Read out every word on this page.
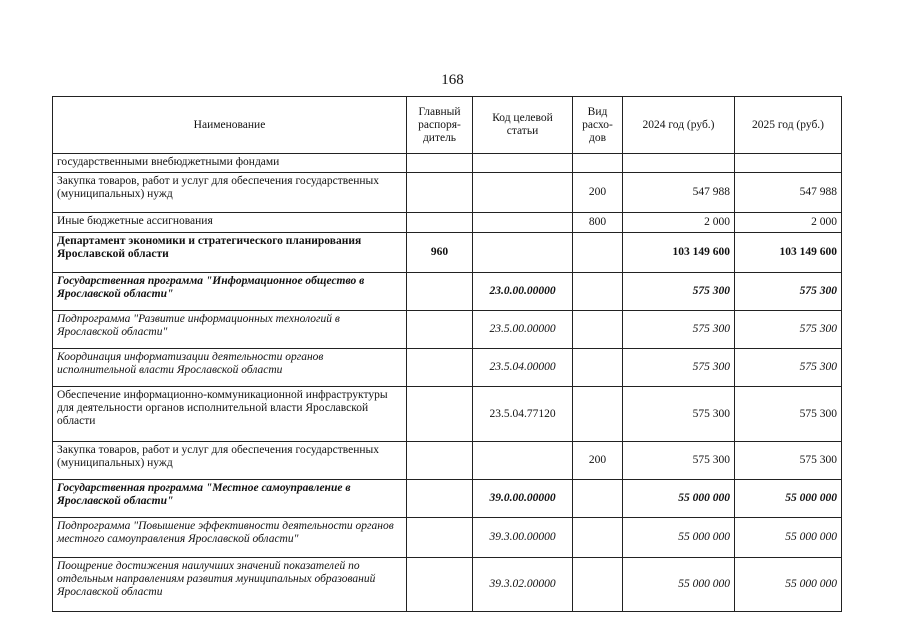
168
Наименование	Главный распоря-дитель	Код целевой статьи	Вид расхо-дов	2024 год (руб.)	2025 год (руб.)
государственными внебюджетными фондами					
Закупка товаров, работ и услуг для обеспечения государственных (муниципальных) нужд			200	547 988	547 988
Иные бюджетные ассигнования			800	2 000	2 000
Департамент экономики и стратегического планирования Ярославской области	960			103 149 600	103 149 600
Государственная программа "Информационное общество в Ярославской области"		23.0.00.00000		575 300	575 300
Подпрограмма "Развитие информационных технологий в Ярославской области"		23.5.00.00000		575 300	575 300
Координация информатизации деятельности органов исполнительной власти Ярославской области		23.5.04.00000		575 300	575 300
Обеспечение информационно-коммуникационной инфраструктуры для деятельности органов исполнительной власти Ярославской области		23.5.04.77120		575 300	575 300
Закупка товаров, работ и услуг для обеспечения государственных (муниципальных) нужд			200	575 300	575 300
Государственная программа "Местное самоуправление в Ярославской области"		39.0.00.00000		55 000 000	55 000 000
Подпрограмма "Повышение эффективности деятельности органов местного самоуправления Ярославской области"		39.3.00.00000		55 000 000	55 000 000
Поощрение достижения наилучших значений показателей по отдельным направлениям развития муниципальных образований Ярославской области		39.3.02.00000		55 000 000	55 000 000
